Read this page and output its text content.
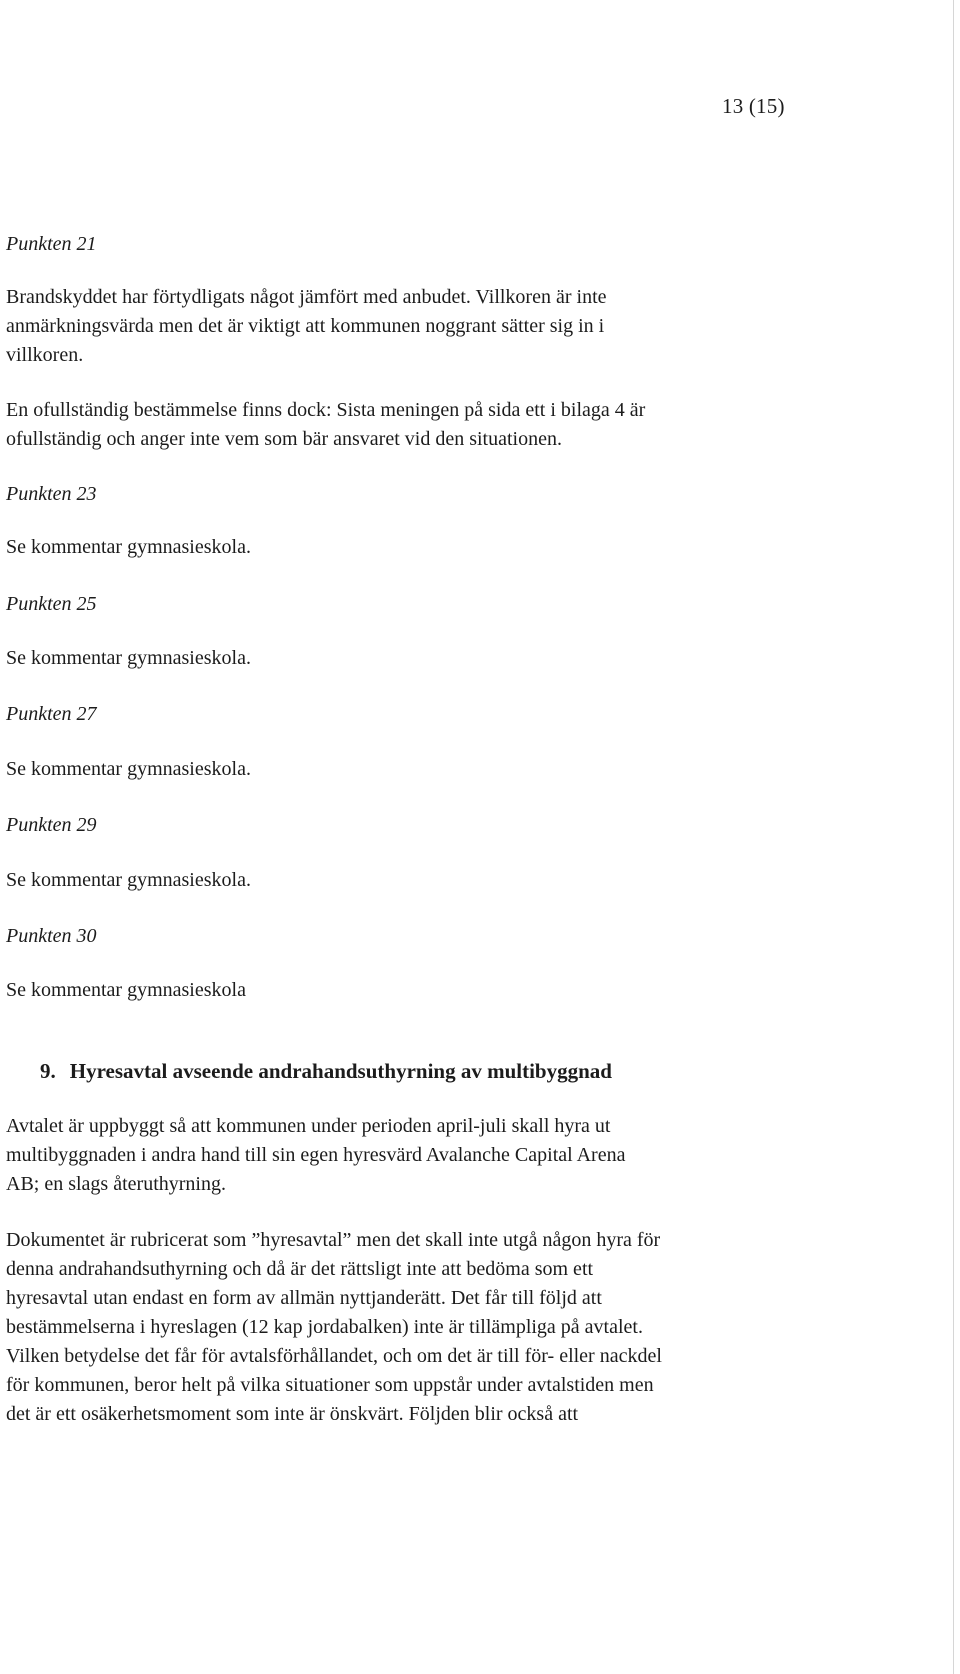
13 (15)
Punkten 21
Brandskyddet har förtydligats något jämfört med anbudet. Villkoren är inte
anmärkningsvärda men det är viktigt att kommunen noggrant sätter sig in i
villkoren.
En ofullständig bestämmelse finns dock: Sista meningen på sida ett i bilaga 4 är
ofullständig och anger inte vem som bär ansvaret vid den situationen.
Punkten 23
Se kommentar gymnasieskola.
Punkten 25
Se kommentar gymnasieskola.
Punkten 27
Se kommentar gymnasieskola.
Punkten 29
Se kommentar gymnasieskola.
Punkten 30
Se kommentar gymnasieskola
9. Hyresavtal avseende andrahandsuthyrning av multibyggnad
Avtalet är uppbyggt så att kommunen under perioden april-juli skall hyra ut
multibyggnaden i andra hand till sin egen hyresvärd Avalanche Capital Arena
AB; en slags återuthyrning.
Dokumentet är rubricerat som ”hyresavtal” men det skall inte utgå någon hyra för
denna andrahandsuthyrning och då är det rättsligt inte att bedöma som ett
hyresavtal utan endast en form av allmän nyttjanderätt. Det får till följd att
bestämmelserna i hyreslagen (12 kap jordabalken) inte är tillämpliga på avtalet.
Vilken betydelse det får för avtalsförhållandet, och om det är till för- eller nackdel
för kommunen, beror helt på vilka situationer som uppstår under avtalstiden men
det är ett osäkerhetsmoment som inte är önskvärt. Följden blir också att
